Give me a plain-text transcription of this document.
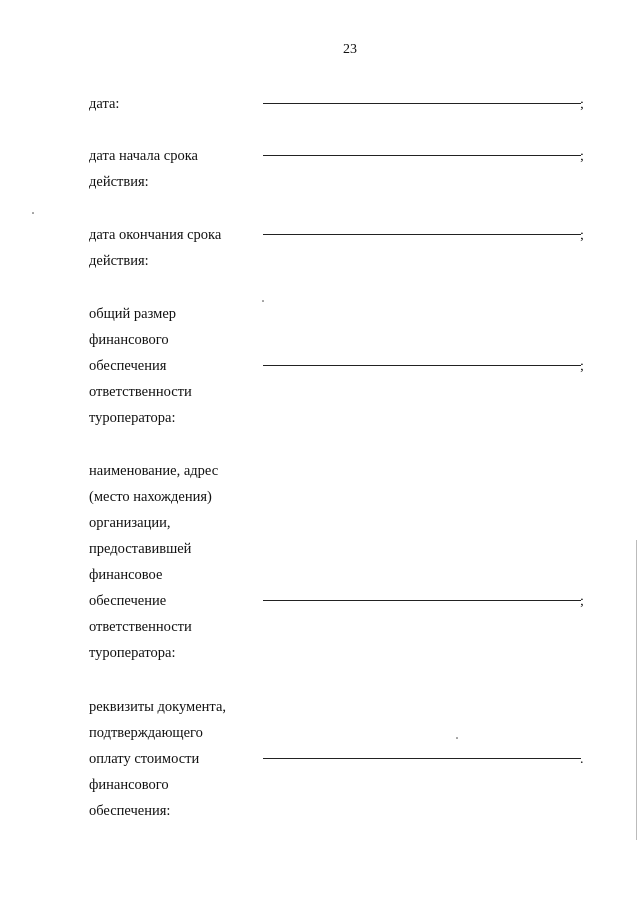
23
дата:	;
дата начала срока
действия:
;
дата окончания срока
действия:
;
общий размер
финансового
обеспечения
ответственности
туроператора:
;
наименование, адрес
(место нахождения)
организации,
предоставившей
финансовое
обеспечение
ответственности
туроператора:
;
реквизиты документа,
подтверждающего
оплату стоимости
финансового
обеспечения:
.
